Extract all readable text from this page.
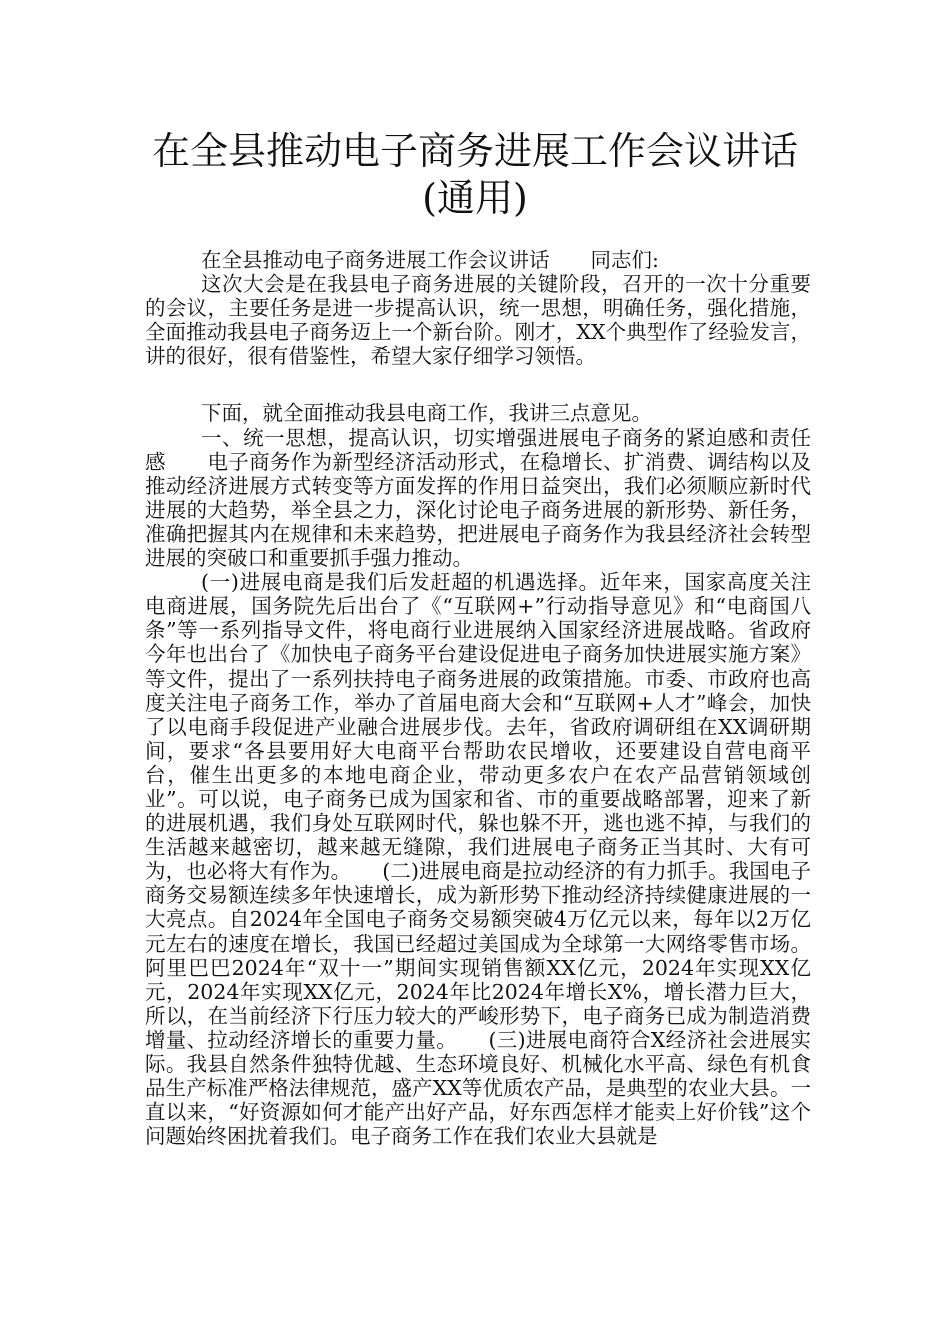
在全县推动电子商务进展工作会议讲话(通用)

在全县推动电子商务进展工作会议讲话　　同志们:

这次大会是在我县电子商务进展的关键阶段，召开的一次十分重要的会议，主要任务是进一步提高认识，统一思想，明确任务，强化措施，全面推动我县电子商务迈上一个新台阶。刚才，XX个典型作了经验发言，讲的很好，很有借鉴性，希望大家仔细学习领悟。

下面，就全面推动我县电商工作，我讲三点意见。

一、统一思想，提高认识，切实增强进展电子商务的紧迫感和责任感　　电子商务作为新型经济活动形式，在稳增长、扩消费、调结构以及推动经济进展方式转变等方面发挥的作用日益突出，我们必须顺应新时代进展的大趋势，举全县之力，深化讨论电子商务进展的新形势、新任务，准确把握其内在规律和未来趋势，把进展电子商务作为我县经济社会转型进展的突破口和重要抓手强力推动。

(一)进展电商是我们后发赶超的机遇选择。近年来，国家高度关注电商进展，国务院先后出台了《“互联网+”行动指导意见》和“电商国八条”等一系列指导文件，将电商行业进展纳入国家经济进展战略。省政府今年也出台了《加快电子商务平台建设促进电子商务加快进展实施方案》等文件，提出了一系列扶持电子商务进展的政策措施。市委、市政府也高度关注电子商务工作，举办了首届电商大会和“互联网+人才”峰会，加快了以电商手段促进产业融合进展步伐。去年，省政府调研组在XX调研期间，要求“各县要用好大电商平台帮助农民增收，还要建设自营电商平台，催生出更多的本地电商企业，带动更多农户在农产品营销领域创业”。可以说，电子商务已成为国家和省、市的重要战略部署，迎来了新的进展机遇，我们身处互联网时代，躲也躲不开，逃也逃不掉，与我们的生活越来越密切，越来越无缝隙，我们进展电子商务正当其时、大有可为，也必将大有作为。　　(二)进展电商是拉动经济的有力抓手。我国电子商务交易额连续多年快速增长，成为新形势下推动经济持续健康进展的一大亮点。自2024年全国电子商务交易额突破4万亿元以来，每年以2万亿元左右的速度在增长，我国已经超过美国成为全球第一大网络零售市场。阿里巴巴2024年“双十一”期间实现销售额XX亿元，2024年实现XX亿元，2024年实现XX亿元，2024年比2024年增长X%，增长潜力巨大，所以，在当前经济下行压力较大的严峻形势下，电子商务已成为制造消费增量、拉动经济增长的重要力量。　　(三)进展电商符合X经济社会进展实际。我县自然条件独特优越、生态环境良好、机械化水平高、绿色有机食品生产标准严格法律规范，盛产XX等优质农产品，是典型的农业大县。一直以来，“好资源如何才能产出好产品，好东西怎样才能卖上好价钱”这个问题始终困扰着我们。电子商务工作在我们农业大县就是
